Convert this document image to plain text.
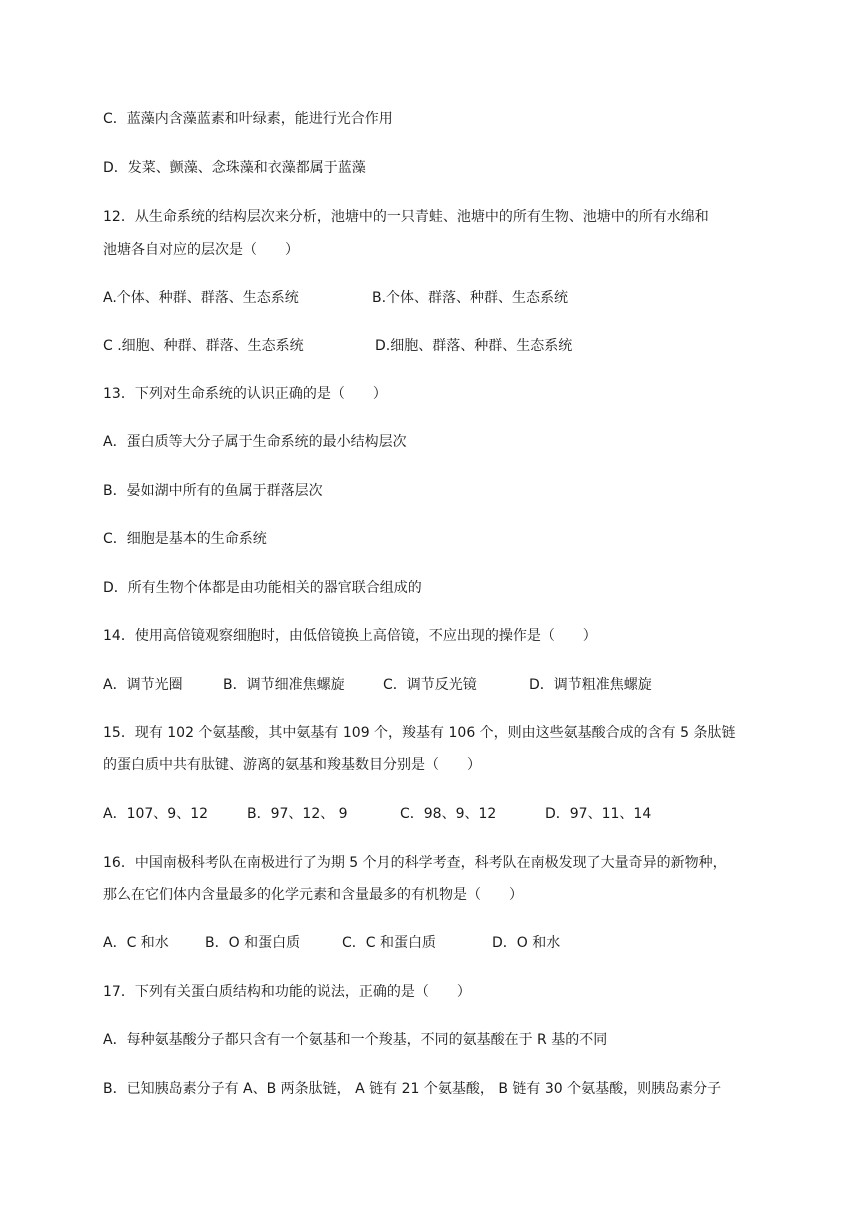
C．蓝藻内含藻蓝素和叶绿素，能进行光合作用
D．发菜、颤藻、念珠藻和衣藻都属于蓝藻
12．从生命系统的结构层次来分析，池塘中的一只青蛙、池塘中的所有生物、池塘中的所有水绵和
池塘各自对应的层次是（　　）
A.个体、种群、群落、生态系统	B.个体、群落、种群、生态系统
C .细胞、种群、群落、生态系统	D.细胞、群落、种群、生态系统
13．下列对生命系统的认识正确的是（　　）
A．蛋白质等大分子属于生命系统的最小结构层次
B．晏如湖中所有的鱼属于群落层次
C．细胞是基本的生命系统
D．所有生物个体都是由功能相关的器官联合组成的
14．使用高倍镜观察细胞时，由低倍镜换上高倍镜，不应出现的操作是（　　）
A．调节光圈	B．调节细准焦螺旋	C．调节反光镜	D．调节粗准焦螺旋
15．现有 102 个氨基酸，其中氨基有 109 个，羧基有 106 个，则由这些氨基酸合成的含有 5 条肽链
的蛋白质中共有肽键、游离的氨基和羧基数目分别是（　　）
A．107、9、12	B．97、12、 9	C．98、9、12	D．97、11、14
16．中国南极科考队在南极进行了为期 5 个月的科学考查，科考队在南极发现了大量奇异的新物种，
那么在它们体内含量最多的化学元素和含量最多的有机物是（　　）
A．C 和水	B．O 和蛋白质	C．C 和蛋白质	D．O 和水
17．下列有关蛋白质结构和功能的说法，正确的是（　　）
A．每种氨基酸分子都只含有一个氨基和一个羧基，不同的氨基酸在于 R 基的不同
B．已知胰岛素分子有 A、B 两条肽链， A 链有 21 个氨基酸， B 链有 30 个氨基酸，则胰岛素分子
